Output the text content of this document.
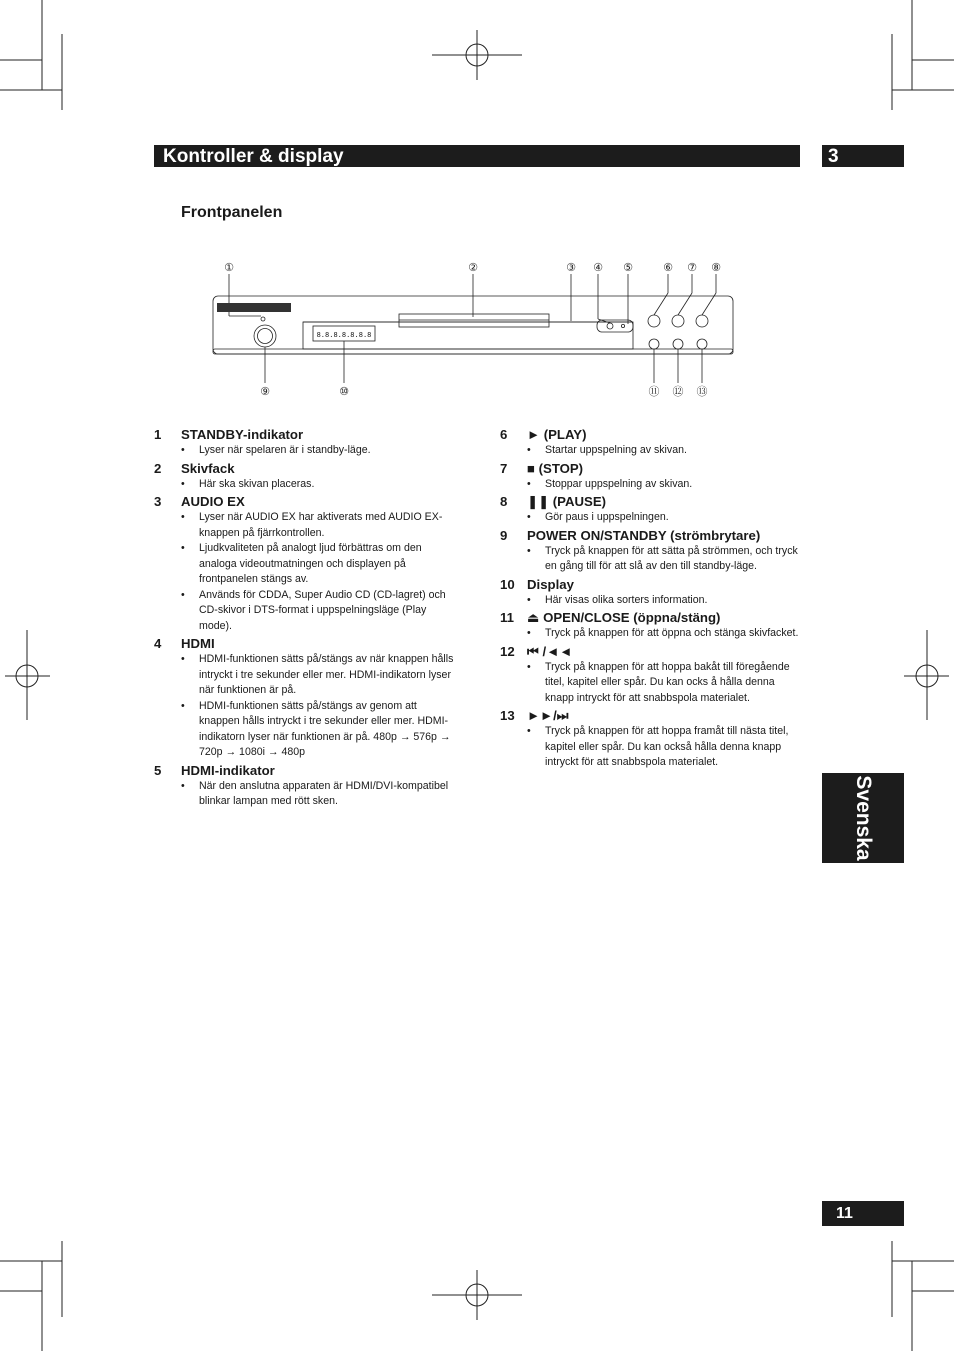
Kontroller & display	3
Frontpanelen
①	②	③ ④ ⑤	⑥ ⑦ ⑧
⑨	⑩	⑪ ⑫ ⑬
8.8.8.8.8.8.8
1	STANDBY-indikator
•	Lyser när spelaren är i standby-läge.
2	Skivfack
•	Här ska skivan placeras.
3	AUDIO EX
•	Lyser när AUDIO EX har aktiverats med AUDIO EX-knappen på fjärrkontrollen.
•	Ljudkvaliteten på analogt ljud förbättras om den analoga videoutmatningen och displayen på frontpanelen stängs av.
•	Används för CDDA, Super Audio CD (CD-lagret) och CD-skivor i DTS-format i uppspelningsläge (Play mode).
4	HDMI
•	HDMI-funktionen sätts på/stängs av när knappen hålls intryckt i tre sekunder eller mer. HDMI-indikatorn lyser när funktionen är på.
•	HDMI-funktionen sätts på/stängs av genom att knappen hålls intryckt i tre sekunder eller mer. HDMI-indikatorn lyser när funktionen är på. 480p → 576p → 720p → 1080i → 480p
5	HDMI-indikator
•	När den anslutna apparaten är HDMI/DVI-kompatibel blinkar lampan med rött sken.
6	► (PLAY)
•	Startar uppspelning av skivan.
7	■ (STOP)
•	Stoppar uppspelning av skivan.
8	❚❚ (PAUSE)
•	Gör paus i uppspelningen.
9	POWER ON/STANDBY (strömbrytare)
•	Tryck på knappen för att sätta på strömmen, och tryck en gång till för att slå av den till standby-läge.
10 Display
•	Här visas olika sorters information.
11 ⏏ OPEN/CLOSE (öppna/stäng)
•	Tryck på knappen för att öppna och stänga skivfacket.
12 ⏮ /◄◄
•	Tryck på knappen för att hoppa bakåt till föregående titel, kapitel eller spår. Du kan ocks å hålla denna knapp intryckt för att snabbspola materialet.
13 ►►/⏭
•	Tryck på knappen för att hoppa framåt till nästa titel, kapitel eller spår. Du kan också hålla denna knapp intryckt för att snabbspola materialet.
Svenska
11
